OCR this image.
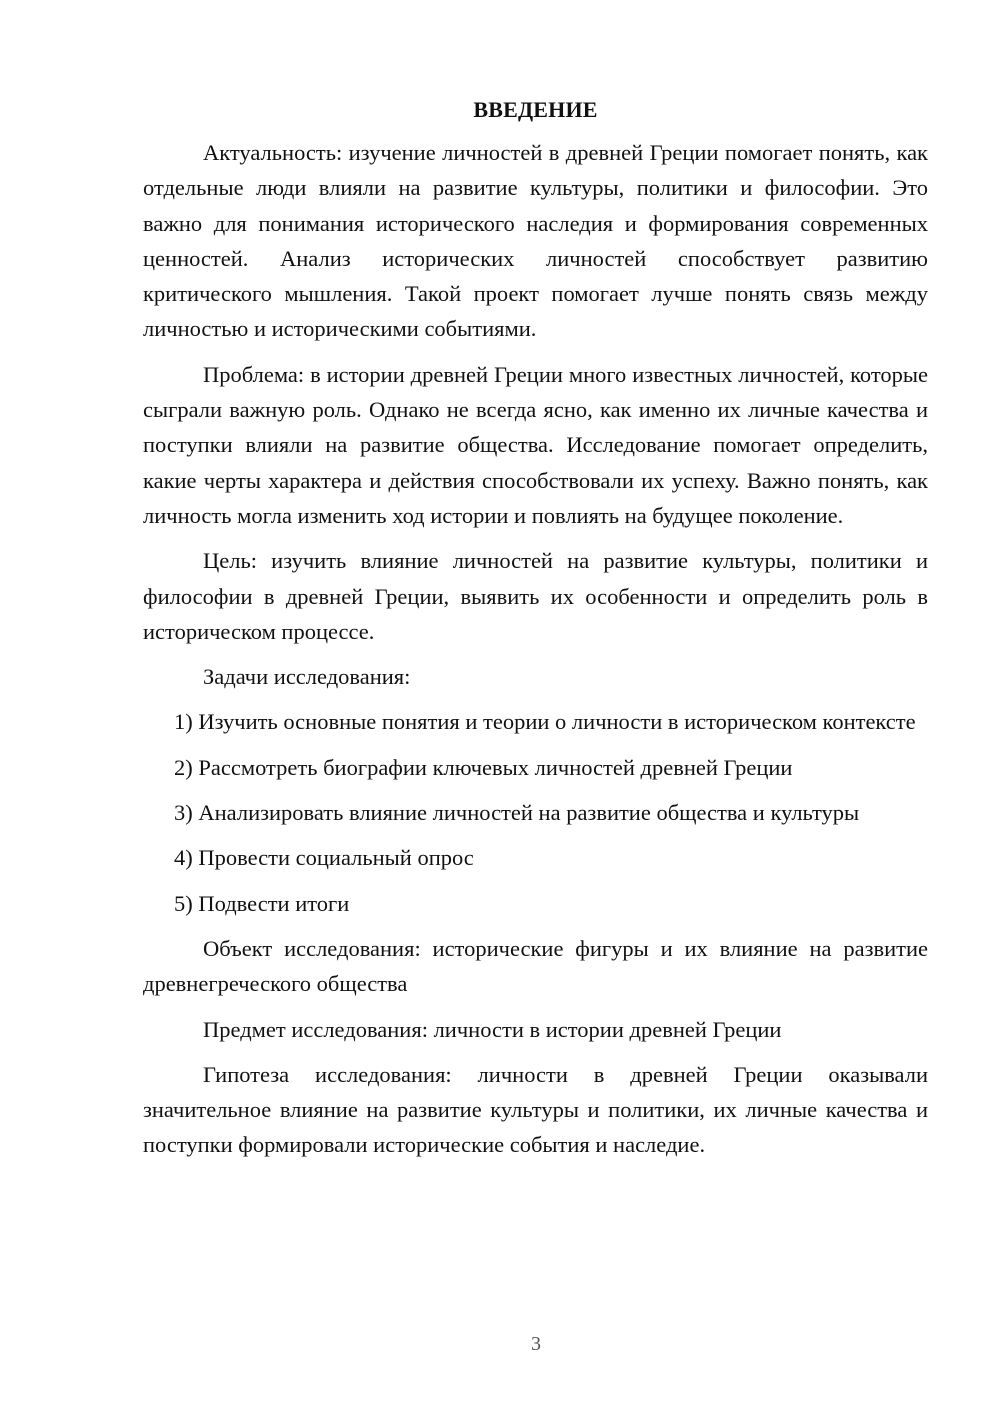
ВВЕДЕНИЕ

Актуальность: изучение личностей в древней Греции помогает понять, как отдельные люди влияли на развитие культуры, политики и философии. Это важно для понимания исторического наследия и формирования современных ценностей. Анализ исторических личностей способствует развитию критического мышления. Такой проект помогает лучше понять связь между личностью и историческими событиями.

Проблема: в истории древней Греции много известных личностей, которые сыграли важную роль. Однако не всегда ясно, как именно их личные качества и поступки влияли на развитие общества. Исследование помогает определить, какие черты характера и действия способствовали их успеху. Важно понять, как личность могла изменить ход истории и повлиять на будущее поколение.

Цель: изучить влияние личностей на развитие культуры, политики и философии в древней Греции, выявить их особенности и определить роль в историческом процессе.

Задачи исследования:

1) Изучить основные понятия и теории о личности в историческом контексте

2) Рассмотреть биографии ключевых личностей древней Греции

3) Анализировать влияние личностей на развитие общества и культуры

4) Провести социальный опрос

5) Подвести итоги

Объект исследования: исторические фигуры и их влияние на развитие древнегреческого общества

Предмет исследования: личности в истории древней Греции

Гипотеза исследования: личности в древней Греции оказывали значительное влияние на развитие культуры и политики, их личные качества и поступки формировали исторические события и наследие.

3
